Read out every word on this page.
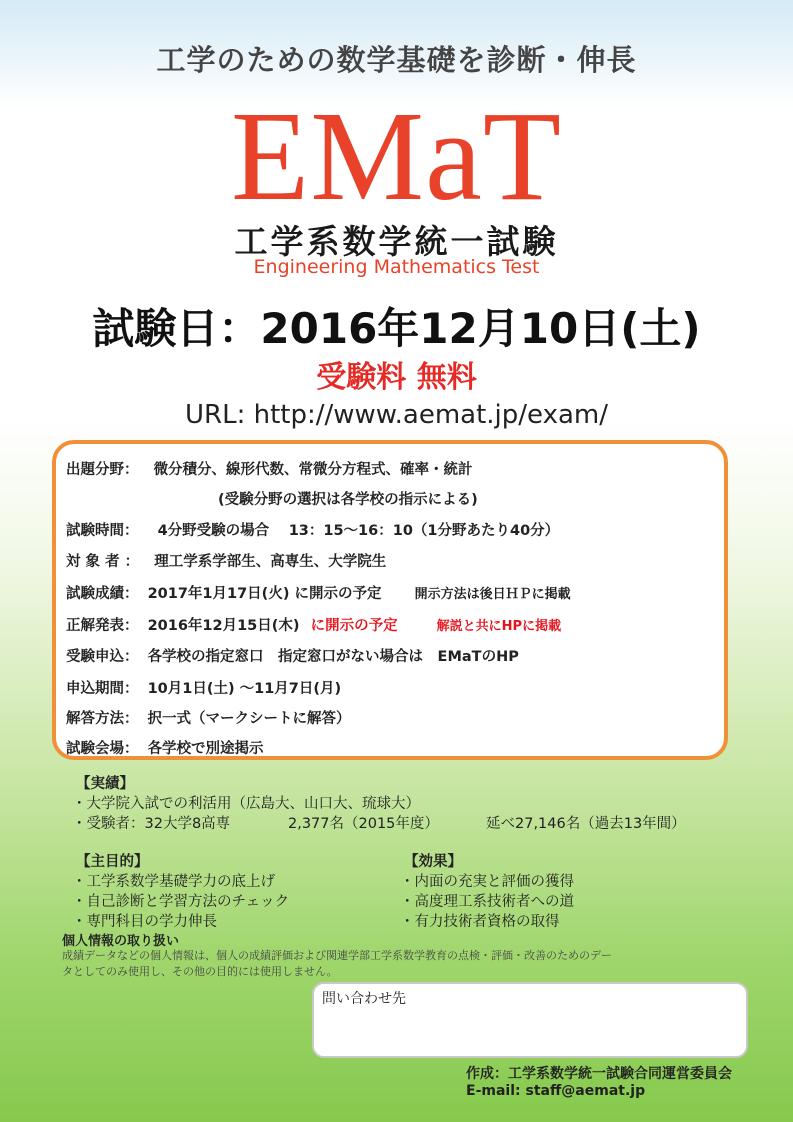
工学のための数学基礎を診断・伸長
EMaT
工学系数学統一試験
Engineering Mathematics Test
試験日：2016年12月10日(土)
受験料 無料
URL: http://www.aemat.jp/exam/
出題分野： 微分積分、線形代数、常微分方程式、確率・統計
(受験分野の選択は各学校の指示による)
試験時間： 4分野受験の場合　 13：15〜16：10（1分野あたり40分）
対 象 者 ： 理工学系学部生、高専生、大学院生
試験成績： 2017年1月17日(火) に開示の予定	開示方法は後日ＨＰに掲載
正解発表： 2016年12月15日(木) に開示の予定	解説と共にHPに掲載
受験申込： 各学校の指定窓口　指定窓口がない場合は　EMaTのHP
申込期間： 10月1日(土) 〜11月7日(月)
解答方法： 択一式（マークシートに解答）
試験会場： 各学校で別途掲示
【実績】
・大学院入試での利活用（広島大、山口大、琉球大）
・受験者：32大学8高専	2,377名（2015年度）	延べ27,146名（過去13年間）
【主目的】
・工学系数学基礎学力の底上げ
・自己診断と学習方法のチェック
・専門科目の学力伸長
【効果】
・内面の充実と評価の獲得
・高度理工系技術者への道
・有力技術者資格の取得
個人情報の取り扱い
成績データなどの個人情報は、個人の成績評価および関連学部工学系数学教育の点検・評価・改善のためのデータとしてのみ使用し、その他の目的には使用しません。
問い合わせ先
作成：工学系数学統一試験合同運営委員会
E-mail: staff@aemat.jp
